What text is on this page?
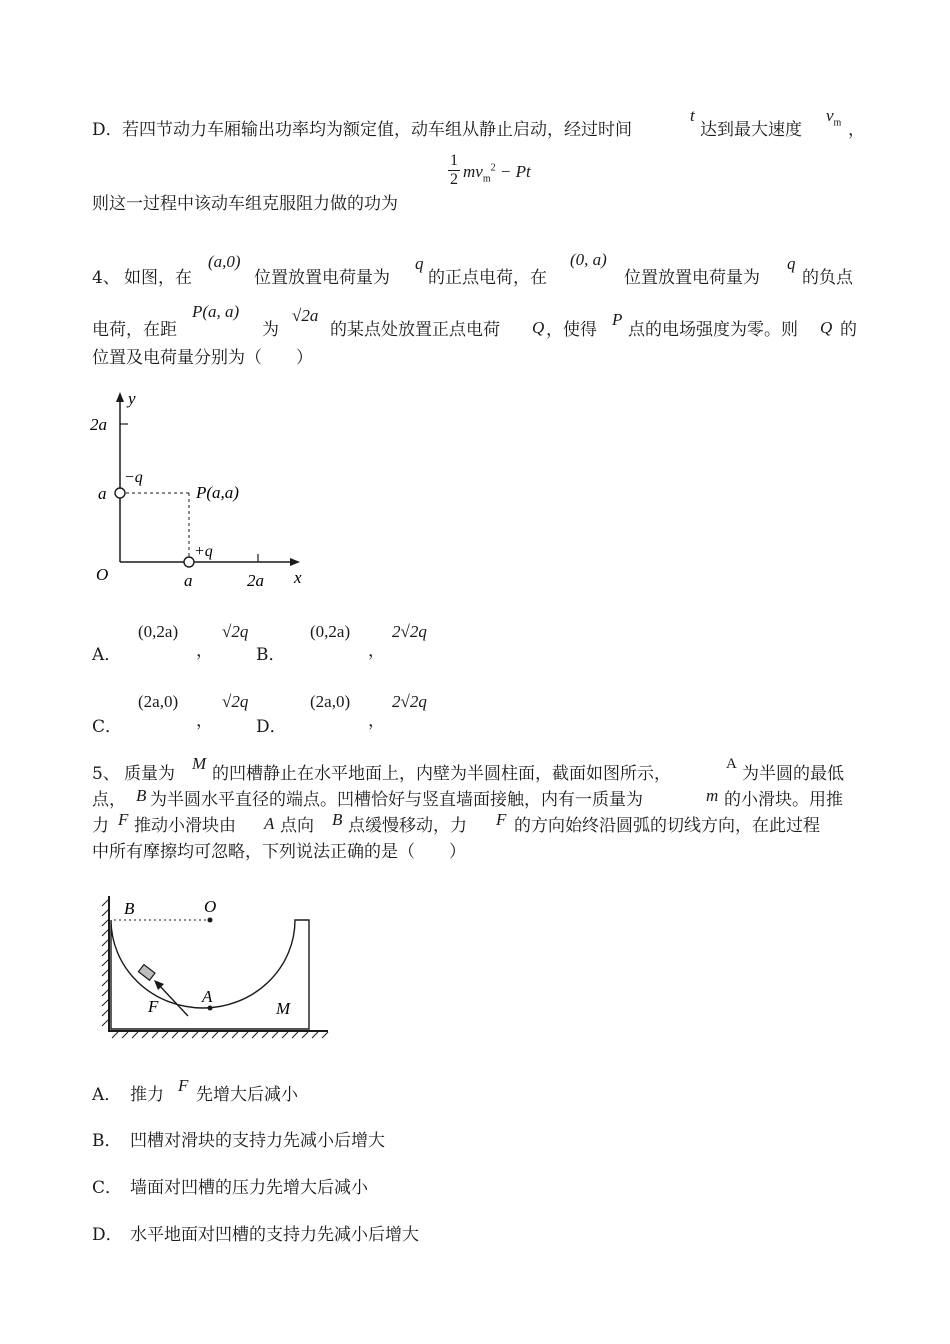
D． 若四节动力车厢输出功率均为额定值，动车组从静止启动，经过时间
t
达到最大速度
$v_m$ ，
1
2 $mv_m^2 - Pt$
则这一过程中该动车组克服阻力做的功为
4、 如图，在
(a,0)
位置放置电荷量为
q
的正点电荷，在
(0, a)
位置放置电荷量为
q
的负点
电荷，在距
P(a, a)
为
√2a
的某点处放置正点电荷 Q ，使得
P
点的电场强度为零。则 Q 的
位置及电荷量分别为（　　）
y
x
O
2a
a
a	2a
−q
+q
P(a,a)
A．
(0,2a)
，
√2q
B．
(0,2a)
，
2√2q
C．
(2a,0)
，
√2q
D．
(2a,0)
，
2√2q
5、 质量为
M
的凹槽静止在水平地面上，内壁为半圆柱面，截面如图所示，	A 为半圆的最低
点， B 为半圆水平直径的端点。凹槽恰好与竖直墙面接触，内有一质量为	m 的小滑块。用推
力 F 推动小滑块由 A 点向 B 点缓慢移动，力 F 的方向始终沿圆弧的切线方向，在此过程
中所有摩擦均可忽略，下列说法正确的是（　　）
B	O
A
F	M
A． 推力 F 先增大后减小
B． 凹槽对滑块的支持力先减小后增大
C． 墙面对凹槽的压力先增大后减小
D． 水平地面对凹槽的支持力先减小后增大
